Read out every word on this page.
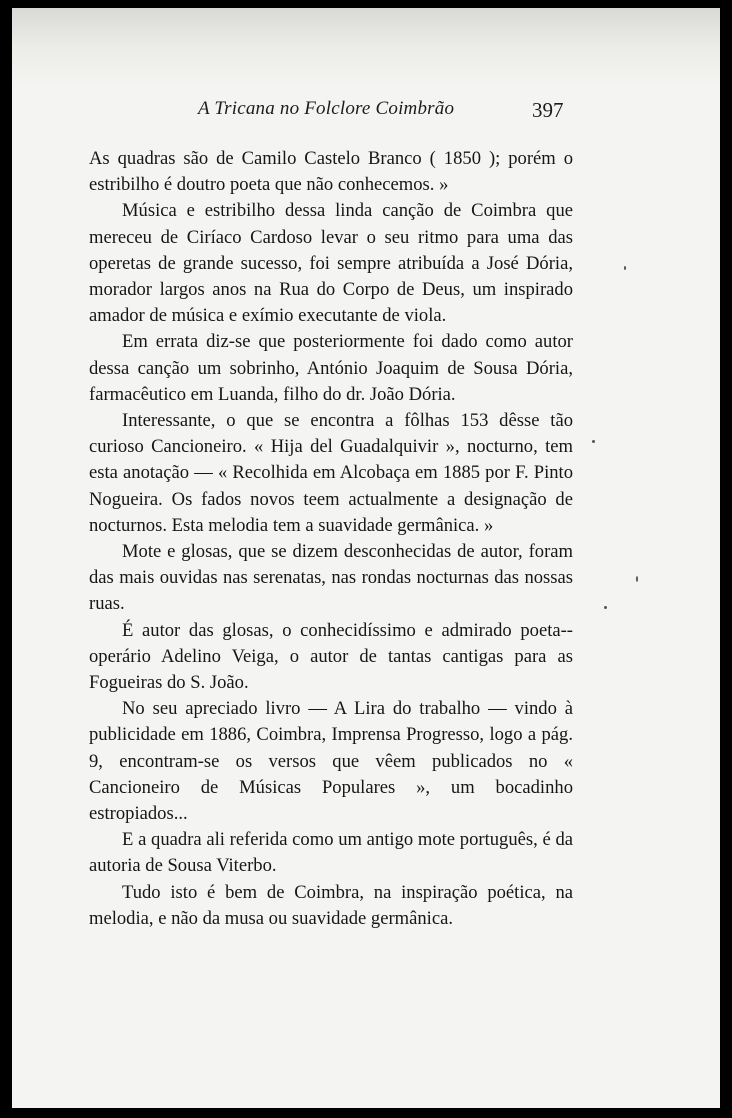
A Tricana no Folclore Coimbrão	397

As quadras são de Camilo Castelo Branco ( 1850 ); porém o estribilho é doutro poeta que não conhecemos. »

Música e estribilho dessa linda canção de Coimbra que mereceu de Ciríaco Cardoso levar o seu ritmo para uma das operetas de grande sucesso, foi sempre atribuída a José Dória, morador largos anos na Rua do Corpo de Deus, um inspirado amador de música e exímio executante de viola.

Em errata diz-se que posteriormente foi dado como autor dessa canção um sobrinho, António Joaquim de Sousa Dória, farmacêutico em Luanda, filho do dr. João Dória.

Interessante, o que se encontra a fôlhas 153 dêsse tão curioso Cancioneiro. « Hija del Guadalquivir », nocturno, tem esta anotação — « Recolhida em Alcobaça em 1885 por F. Pinto Nogueira. Os fados novos teem actualmente a designação de nocturnos. Esta melodia tem a suavidade germânica. »

Mote e glosas, que se dizem desconhecidas de autor, foram das mais ouvidas nas serenatas, nas rondas nocturnas das nossas ruas.

É autor das glosas, o conhecidíssimo e admirado poeta--operário Adelino Veiga, o autor de tantas cantigas para as Fogueiras do S. João.

No seu apreciado livro — A Lira do trabalho — vindo à publicidade em 1886, Coimbra, Imprensa Progresso, logo a pág. 9, encontram-se os versos que vêem publicados no « Cancioneiro de Músicas Populares », um bocadinho estropiados...

E a quadra ali referida como um antigo mote português, é da autoria de Sousa Viterbo.

Tudo isto é bem de Coimbra, na inspiração poética, na melodia, e não da musa ou suavidade germânica.
